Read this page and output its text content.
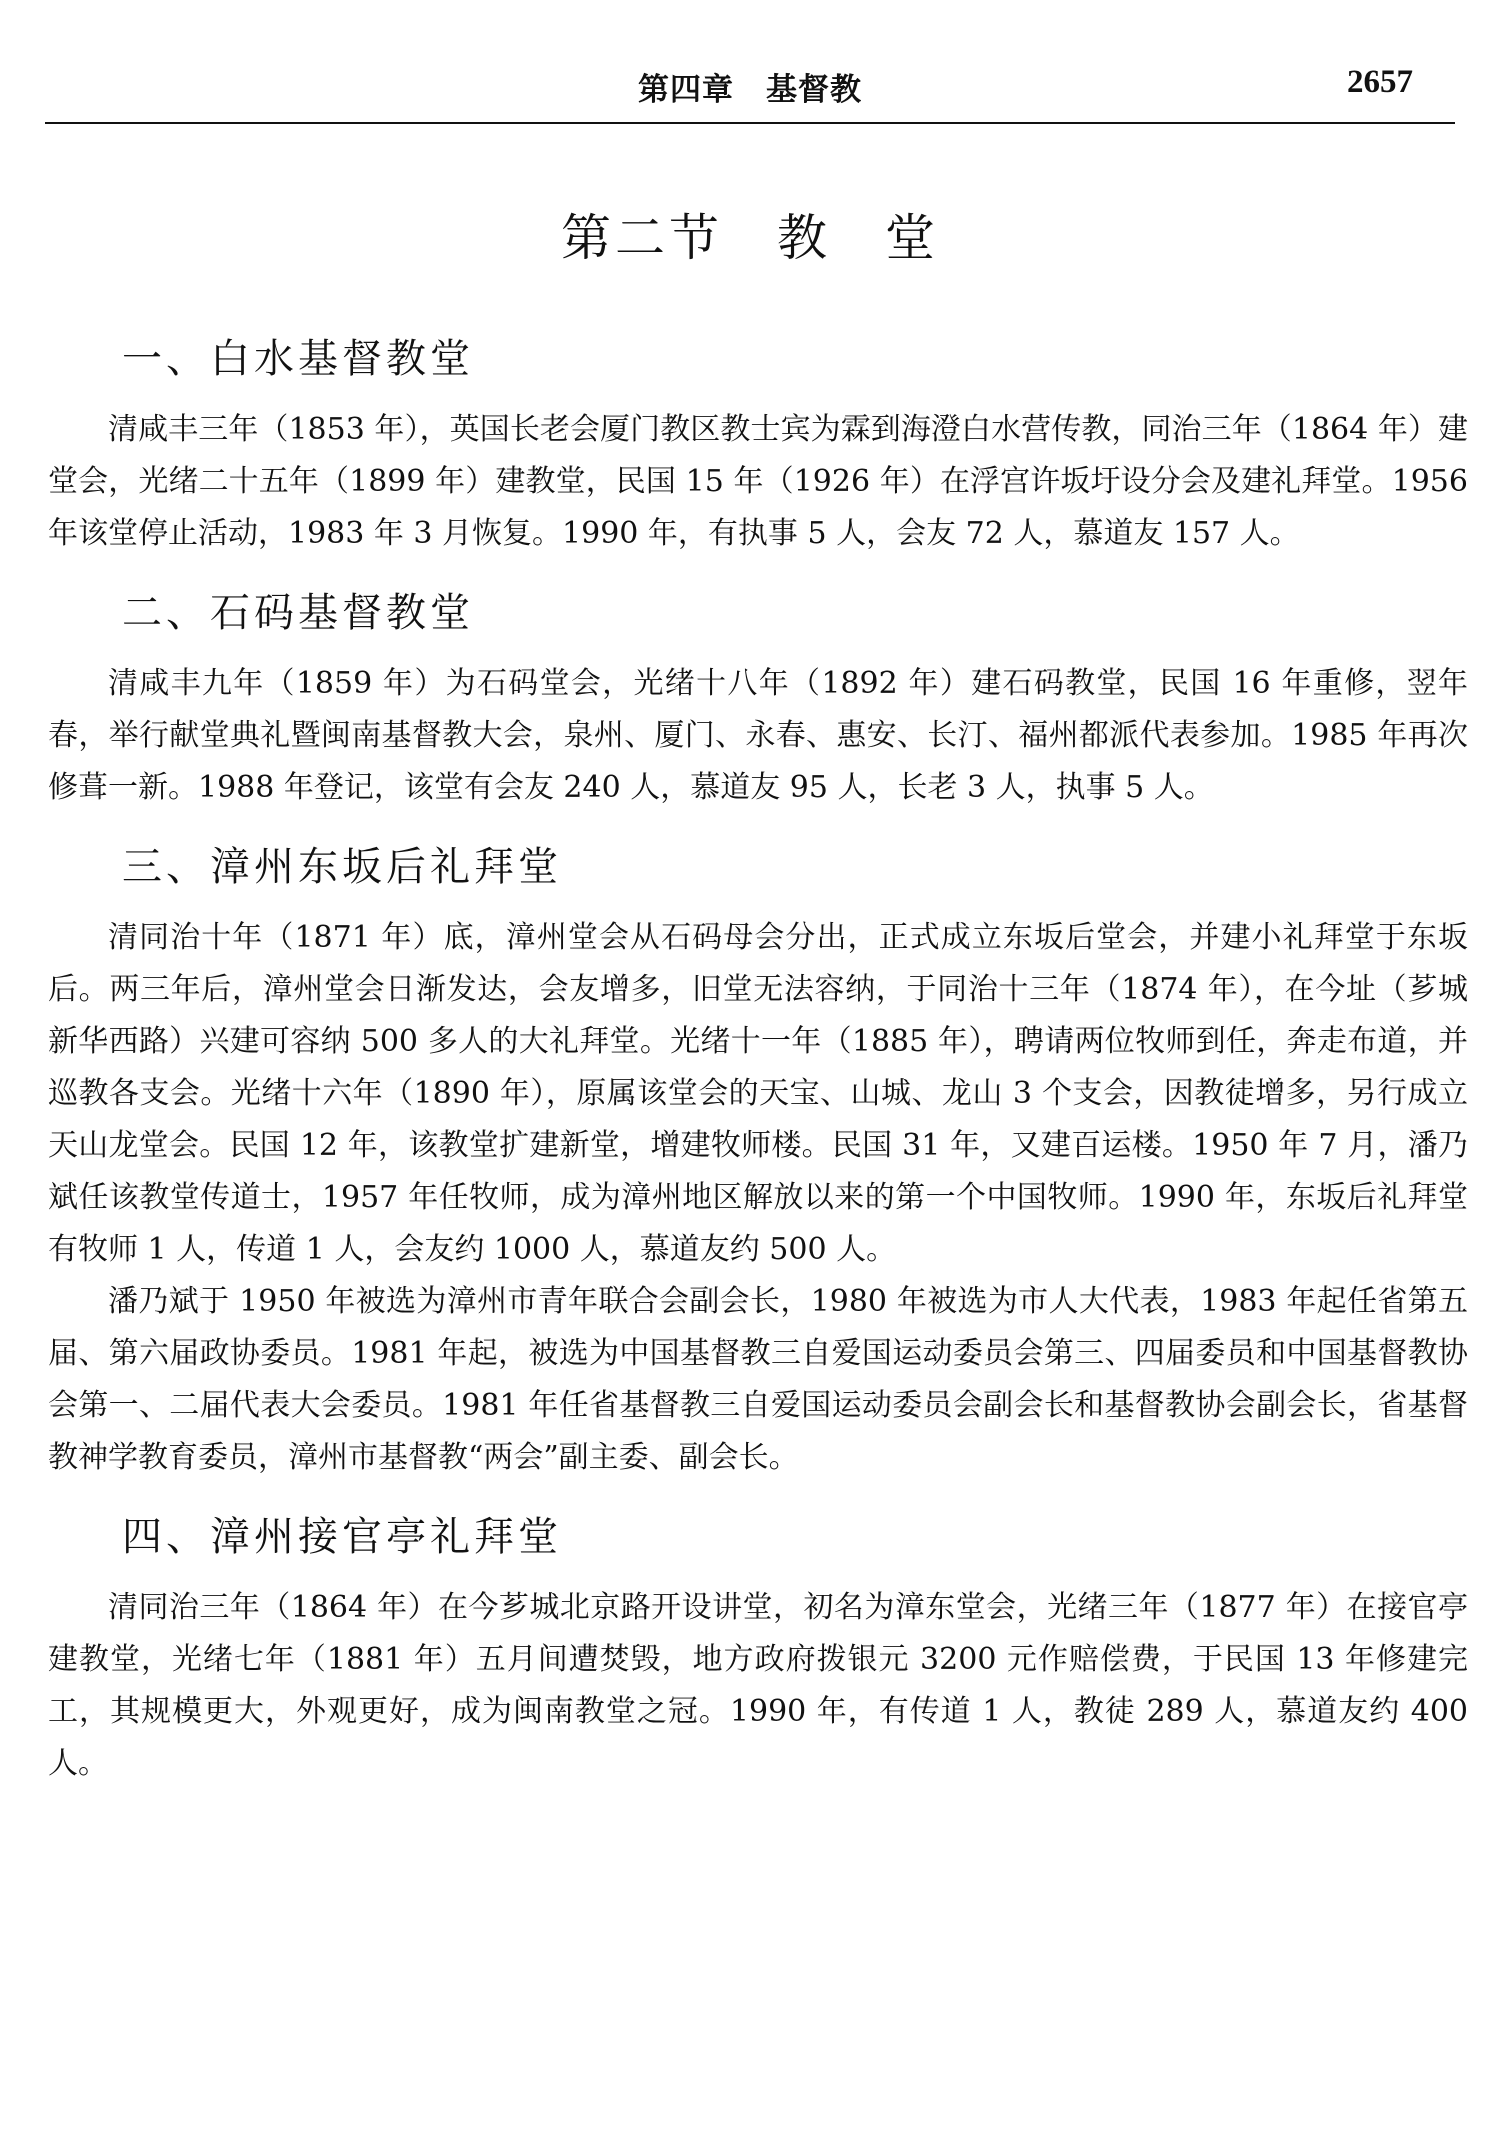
第四章　基督教	2657
第二节　教　堂
一、白水基督教堂

清咸丰三年（1853 年），英国长老会厦门教区教士宾为霖到海澄白水营传教，同治三年（1864 年）建堂会，光绪二十五年（1899 年）建教堂，民国 15 年（1926 年）在浮宫许坂圩设分会及建礼拜堂。1956 年该堂停止活动，1983 年 3 月恢复。1990 年，有执事 5 人，会友 72 人，慕道友 157 人。

二、石码基督教堂

清咸丰九年（1859 年）为石码堂会，光绪十八年（1892 年）建石码教堂，民国 16 年重修，翌年春，举行献堂典礼暨闽南基督教大会，泉州、厦门、永春、惠安、长汀、福州都派代表参加。1985 年再次修葺一新。1988 年登记，该堂有会友 240 人，慕道友 95 人，长老 3 人，执事 5 人。

三、漳州东坂后礼拜堂

清同治十年（1871 年）底，漳州堂会从石码母会分出，正式成立东坂后堂会，并建小礼拜堂于东坂后。两三年后，漳州堂会日渐发达，会友增多，旧堂无法容纳，于同治十三年（1874 年），在今址（芗城新华西路）兴建可容纳 500 多人的大礼拜堂。光绪十一年（1885 年），聘请两位牧师到任，奔走布道，并巡教各支会。光绪十六年（1890 年），原属该堂会的天宝、山城、龙山 3 个支会，因教徒增多，另行成立天山龙堂会。民国 12 年，该教堂扩建新堂，增建牧师楼。民国 31 年，又建百运楼。1950 年 7 月，潘乃斌任该教堂传道士，1957 年任牧师，成为漳州地区解放以来的第一个中国牧师。1990 年，东坂后礼拜堂有牧师 1 人，传道 1 人，会友约 1000 人，慕道友约 500 人。

潘乃斌于 1950 年被选为漳州市青年联合会副会长，1980 年被选为市人大代表，1983 年起任省第五届、第六届政协委员。1981 年起，被选为中国基督教三自爱国运动委员会第三、四届委员和中国基督教协会第一、二届代表大会委员。1981 年任省基督教三自爱国运动委员会副会长和基督教协会副会长，省基督教神学教育委员，漳州市基督教“两会”副主委、副会长。

四、漳州接官亭礼拜堂

清同治三年（1864 年）在今芗城北京路开设讲堂，初名为漳东堂会，光绪三年（1877 年）在接官亭建教堂，光绪七年（1881 年）五月间遭焚毁，地方政府拨银元 3200 元作赔偿费，于民国 13 年修建完工，其规模更大，外观更好，成为闽南教堂之冠。1990 年，有传道 1 人，教徒 289 人，慕道友约 400 人。
